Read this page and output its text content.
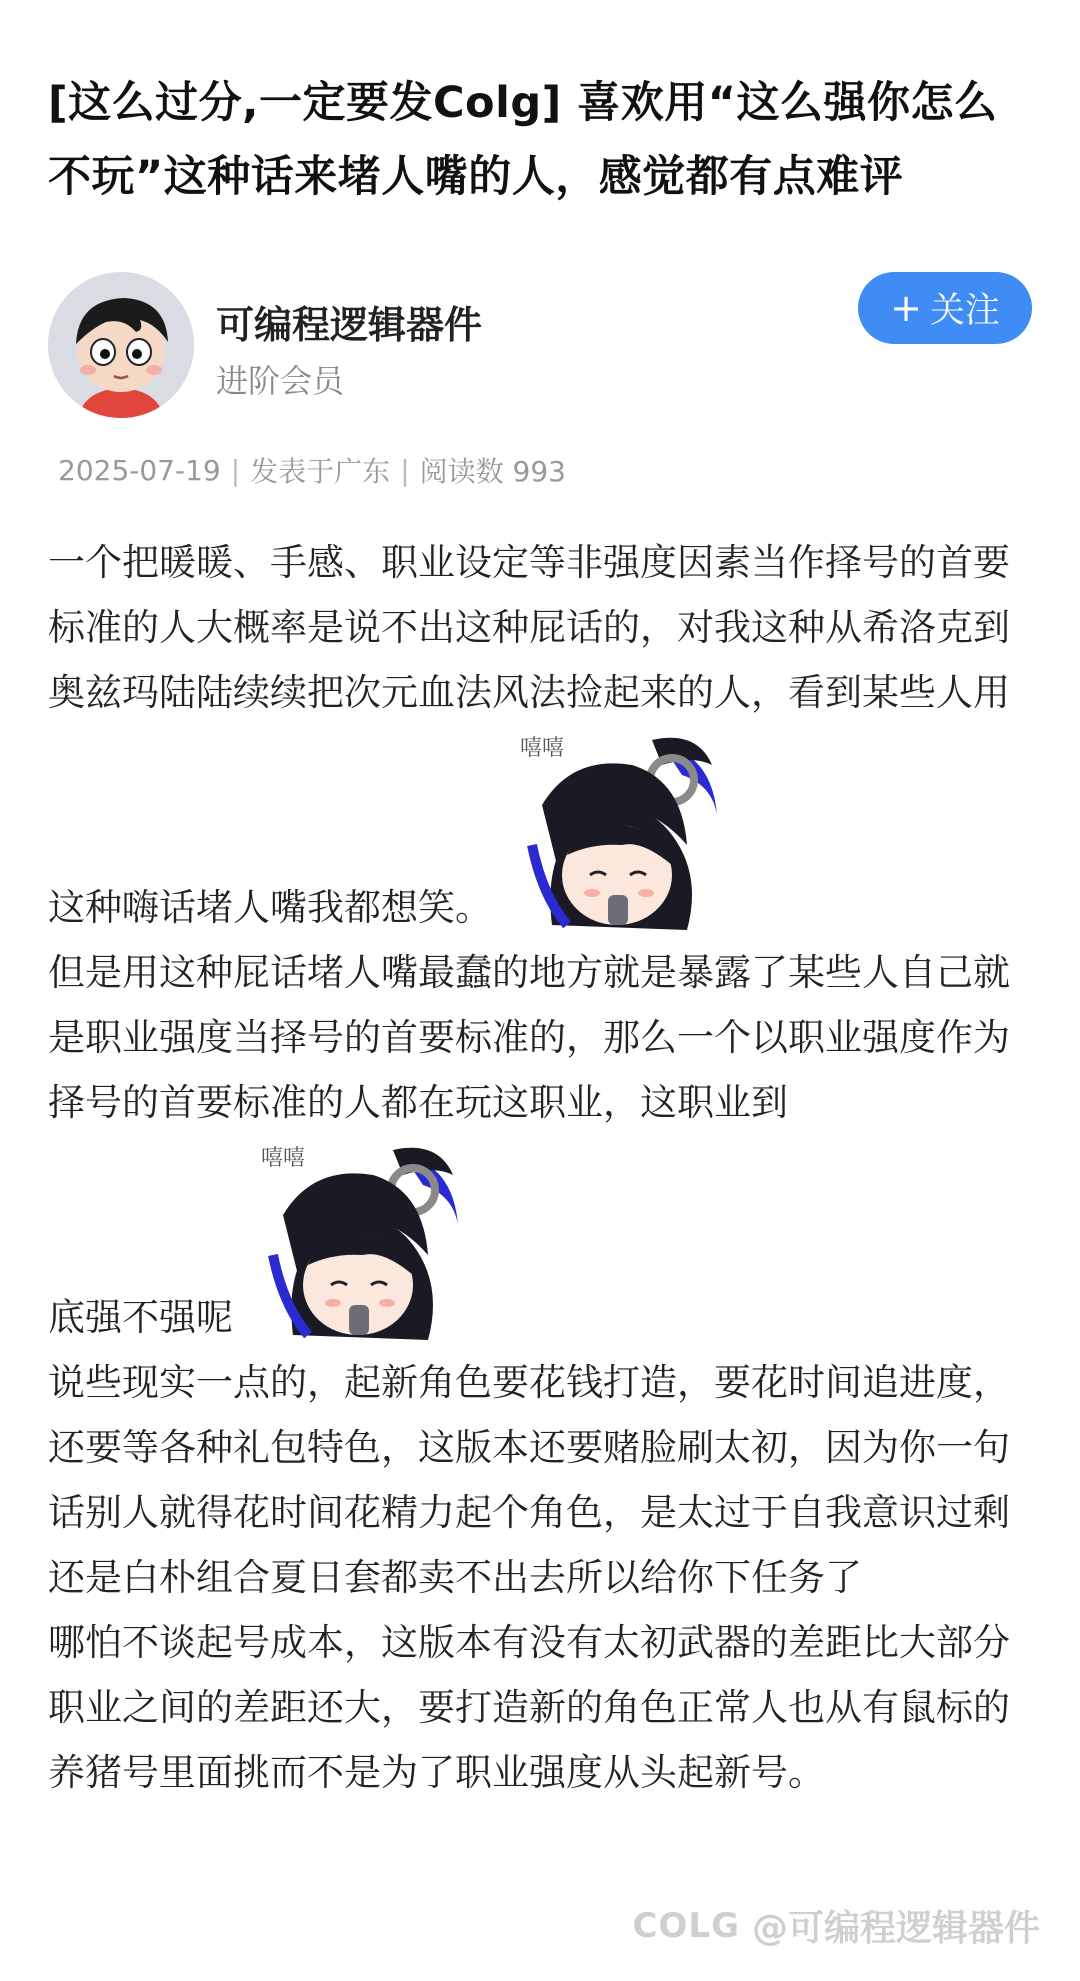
[这么过分,一定要发Colg] 喜欢用“这么强你怎么不玩”这种话来堵人嘴的人，感觉都有点难评
可编程逻辑器件
进阶会员
+ 关注
2025-07-19 | 发表于广东 | 阅读数 993

一个把暖暖、手感、职业设定等非强度因素当作择号的首要标准的人大概率是说不出这种屁话的，对我这种从希洛克到奥兹玛陆陆续续把次元血法风法捡起来的人，看到某些人用这种嗨话堵人嘴我都想笑。
嘻嘻

但是用这种屁话堵人嘴最蠢的地方就是暴露了某些人自己就是职业强度当择号的首要标准的，那么一个以职业强度作为择号的首要标准的人都在玩这职业，这职业到
底强不强呢
嘻嘻

说些现实一点的，起新角色要花钱打造，要花时间追进度，还要等各种礼包特色，这版本还要赌脸刷太初，因为你一句话别人就得花时间花精力起个角色，是太过于自我意识过剩还是白朴组合夏日套都卖不出去所以给你下任务了

哪怕不谈起号成本，这版本有没有太初武器的差距比大部分职业之间的差距还大，要打造新的角色正常人也从有鼠标的养猪号里面挑而不是为了职业强度从头起新号。

COLG @可编程逻辑器件
